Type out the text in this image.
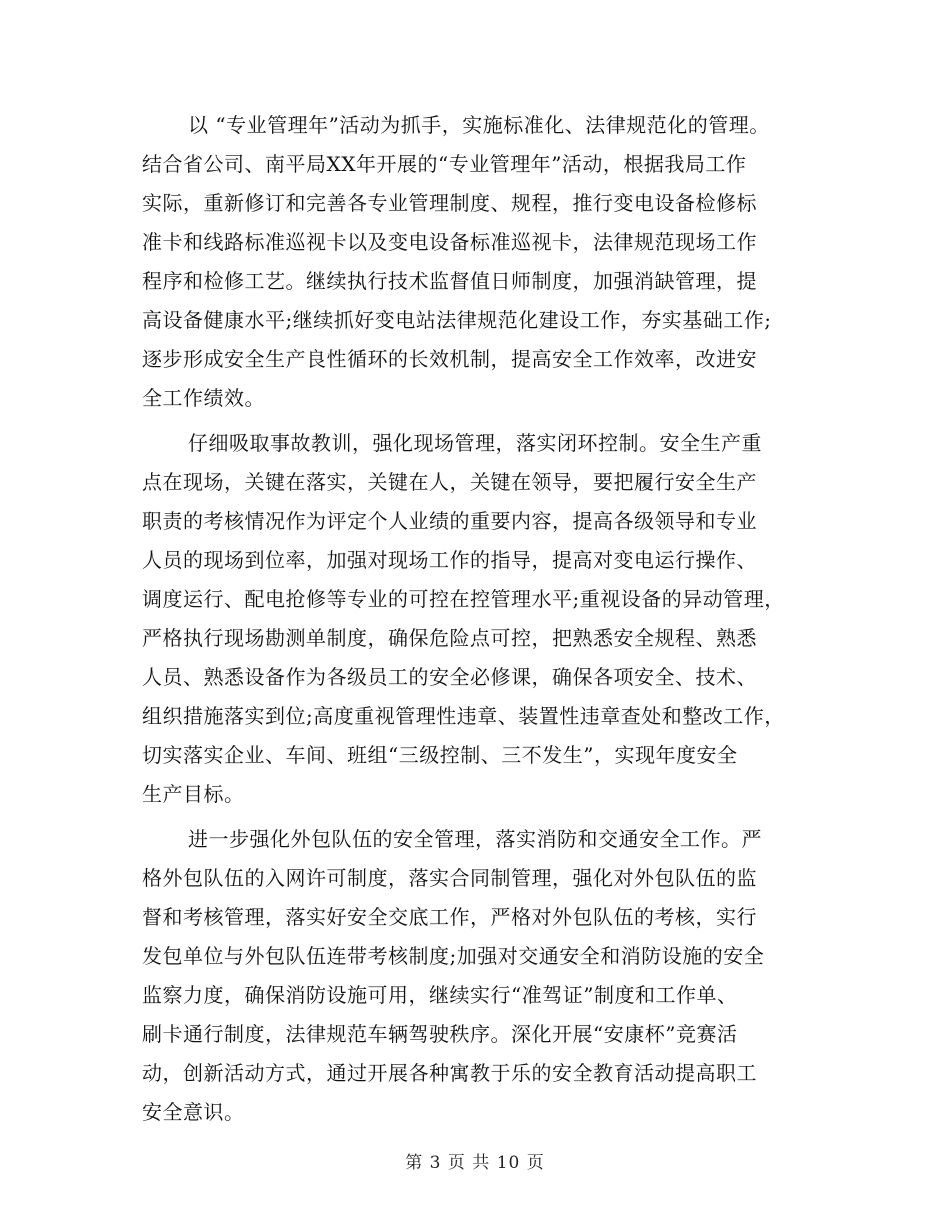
以 “专业管理年”活动为抓手，实施标准化、法律规范化的管理。
结合省公司、南平局XX年开展的“专业管理年”活动，根据我局工作
实际，重新修订和完善各专业管理制度、规程，推行变电设备检修标
准卡和线路标准巡视卡以及变电设备标准巡视卡，法律规范现场工作
程序和检修工艺。继续执行技术监督值日师制度，加强消缺管理，提
高设备健康水平;继续抓好变电站法律规范化建设工作，夯实基础工作;
逐步形成安全生产良性循环的长效机制，提高安全工作效率，改进安
全工作绩效。
仔细吸取事故教训，强化现场管理，落实闭环控制。安全生产重
点在现场，关键在落实，关键在人，关键在领导，要把履行安全生产
职责的考核情况作为评定个人业绩的重要内容，提高各级领导和专业
人员的现场到位率，加强对现场工作的指导，提高对变电运行操作、
调度运行、配电抢修等专业的可控在控管理水平;重视设备的异动管理，
严格执行现场勘测单制度，确保危险点可控，把熟悉安全规程、熟悉
人员、熟悉设备作为各级员工的安全必修课，确保各项安全、技术、
组织措施落实到位;高度重视管理性违章、装置性违章查处和整改工作，
切实落实企业、车间、班组“三级控制、三不发生”，实现年度安全
生产目标。
进一步强化外包队伍的安全管理，落实消防和交通安全工作。严
格外包队伍的入网许可制度，落实合同制管理，强化对外包队伍的监
督和考核管理，落实好安全交底工作，严格对外包队伍的考核，实行
发包单位与外包队伍连带考核制度;加强对交通安全和消防设施的安全
监察力度，确保消防设施可用，继续实行“准驾证”制度和工作单、
刷卡通行制度，法律规范车辆驾驶秩序。深化开展“安康杯”竞赛活
动，创新活动方式，通过开展各种寓教于乐的安全教育活动提高职工
安全意识。
第 3 页 共 10 页
